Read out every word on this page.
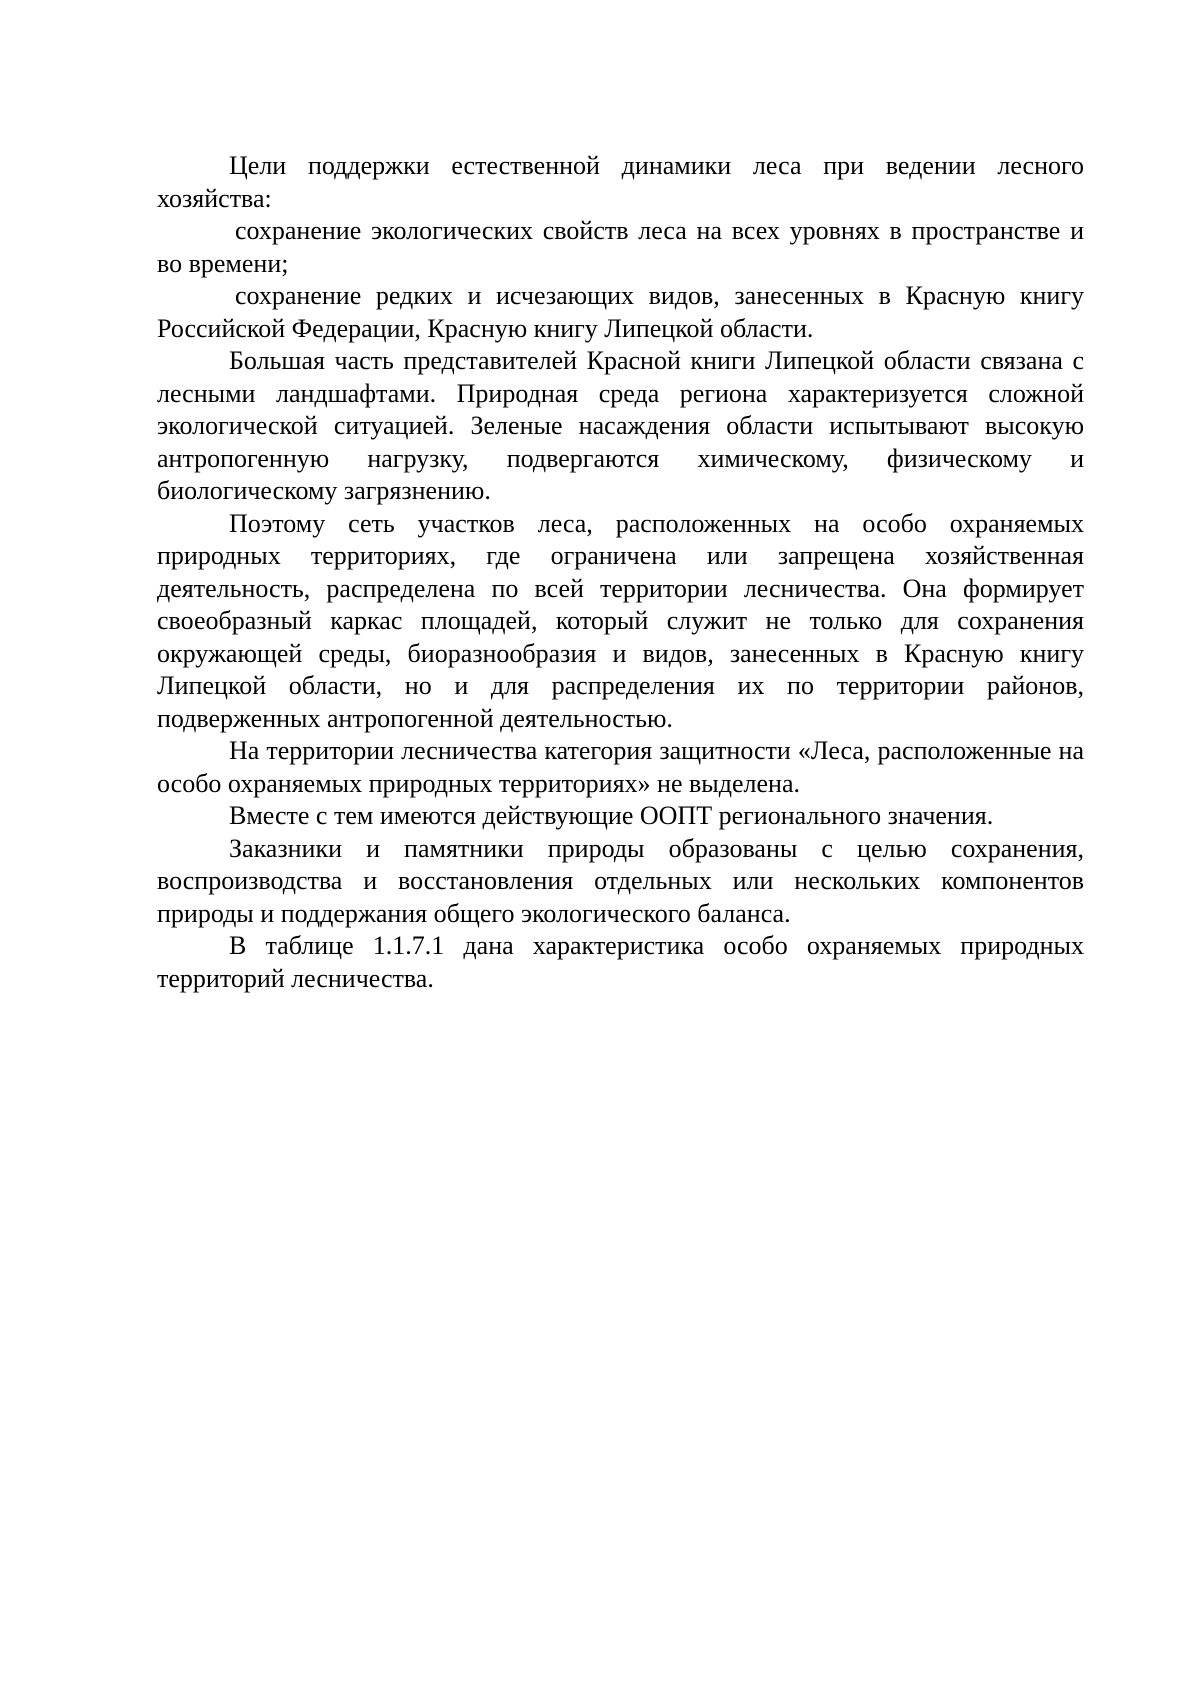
Цели поддержки естественной динамики леса при ведении лесного хозяйства:

сохранение экологических свойств леса на всех уровнях в пространстве и во времени;

сохранение редких и исчезающих видов, занесенных в Красную книгу Российской Федерации, Красную книгу Липецкой области.

Большая часть представителей Красной книги Липецкой области связана с лесными ландшафтами. Природная среда региона характеризуется сложной экологической ситуацией. Зеленые насаждения области испытывают высокую антропогенную нагрузку, подвергаются химическому, физическому и биологическому загрязнению.

Поэтому сеть участков леса, расположенных на особо охраняемых природных территориях, где ограничена или запрещена хозяйственная деятельность, распределена по всей территории лесничества. Она формирует своеобразный каркас площадей, который служит не только для сохранения окружающей среды, биоразнообразия и видов, занесенных в Красную книгу Липецкой области, но и для распределения их по территории районов, подверженных антропогенной деятельностью.

На территории лесничества категория защитности «Леса, расположенные на особо охраняемых природных территориях» не выделена.

Вместе с тем имеются действующие ООПТ регионального значения.

Заказники и памятники природы образованы с целью сохранения, воспроизводства и восстановления отдельных или нескольких компонентов природы и поддержания общего экологического баланса.

В таблице 1.1.7.1 дана характеристика особо охраняемых природных территорий лесничества.
